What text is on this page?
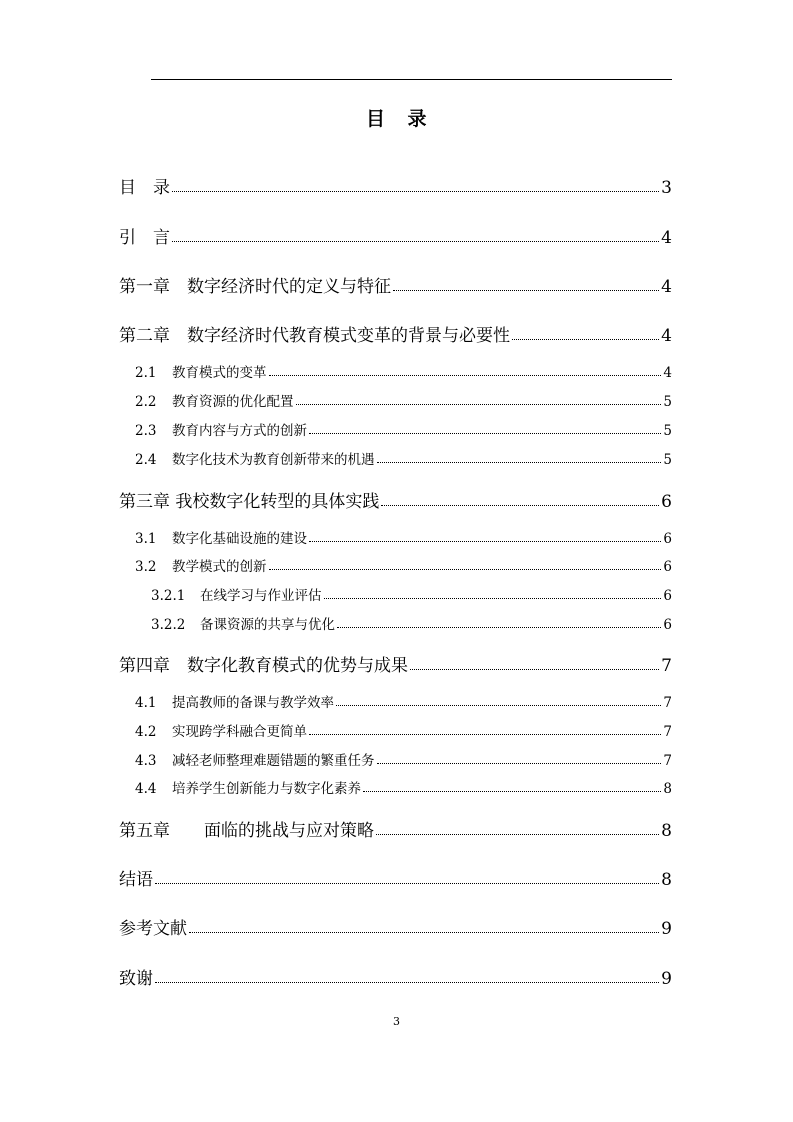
目 录
目　录	3
引　言	4
第一章　数字经济时代的定义与特征	4
第二章　数字经济时代教育模式变革的背景与必要性	4
2.1	教育模式的变革	4
2.2	教育资源的优化配置	5
2.3	教育内容与方式的创新	5
2.4	数字化技术为教育创新带来的机遇	5
第三章 我校数字化转型的具体实践	6
3.1	数字化基础设施的建设	6
3.2	教学模式的创新	6
3.2.1	在线学习与作业评估	6
3.2.2	备课资源的共享与优化	6
第四章　数字化教育模式的优势与成果	7
4.1	提高教师的备课与教学效率	7
4.2	实现跨学科融合更简单	7
4.3	减轻老师整理难题错题的繁重任务	7
4.4	培养学生创新能力与数字化素养	8
第五章　　面临的挑战与应对策略	8
结语	8
参考文献	9
致谢	9
3
